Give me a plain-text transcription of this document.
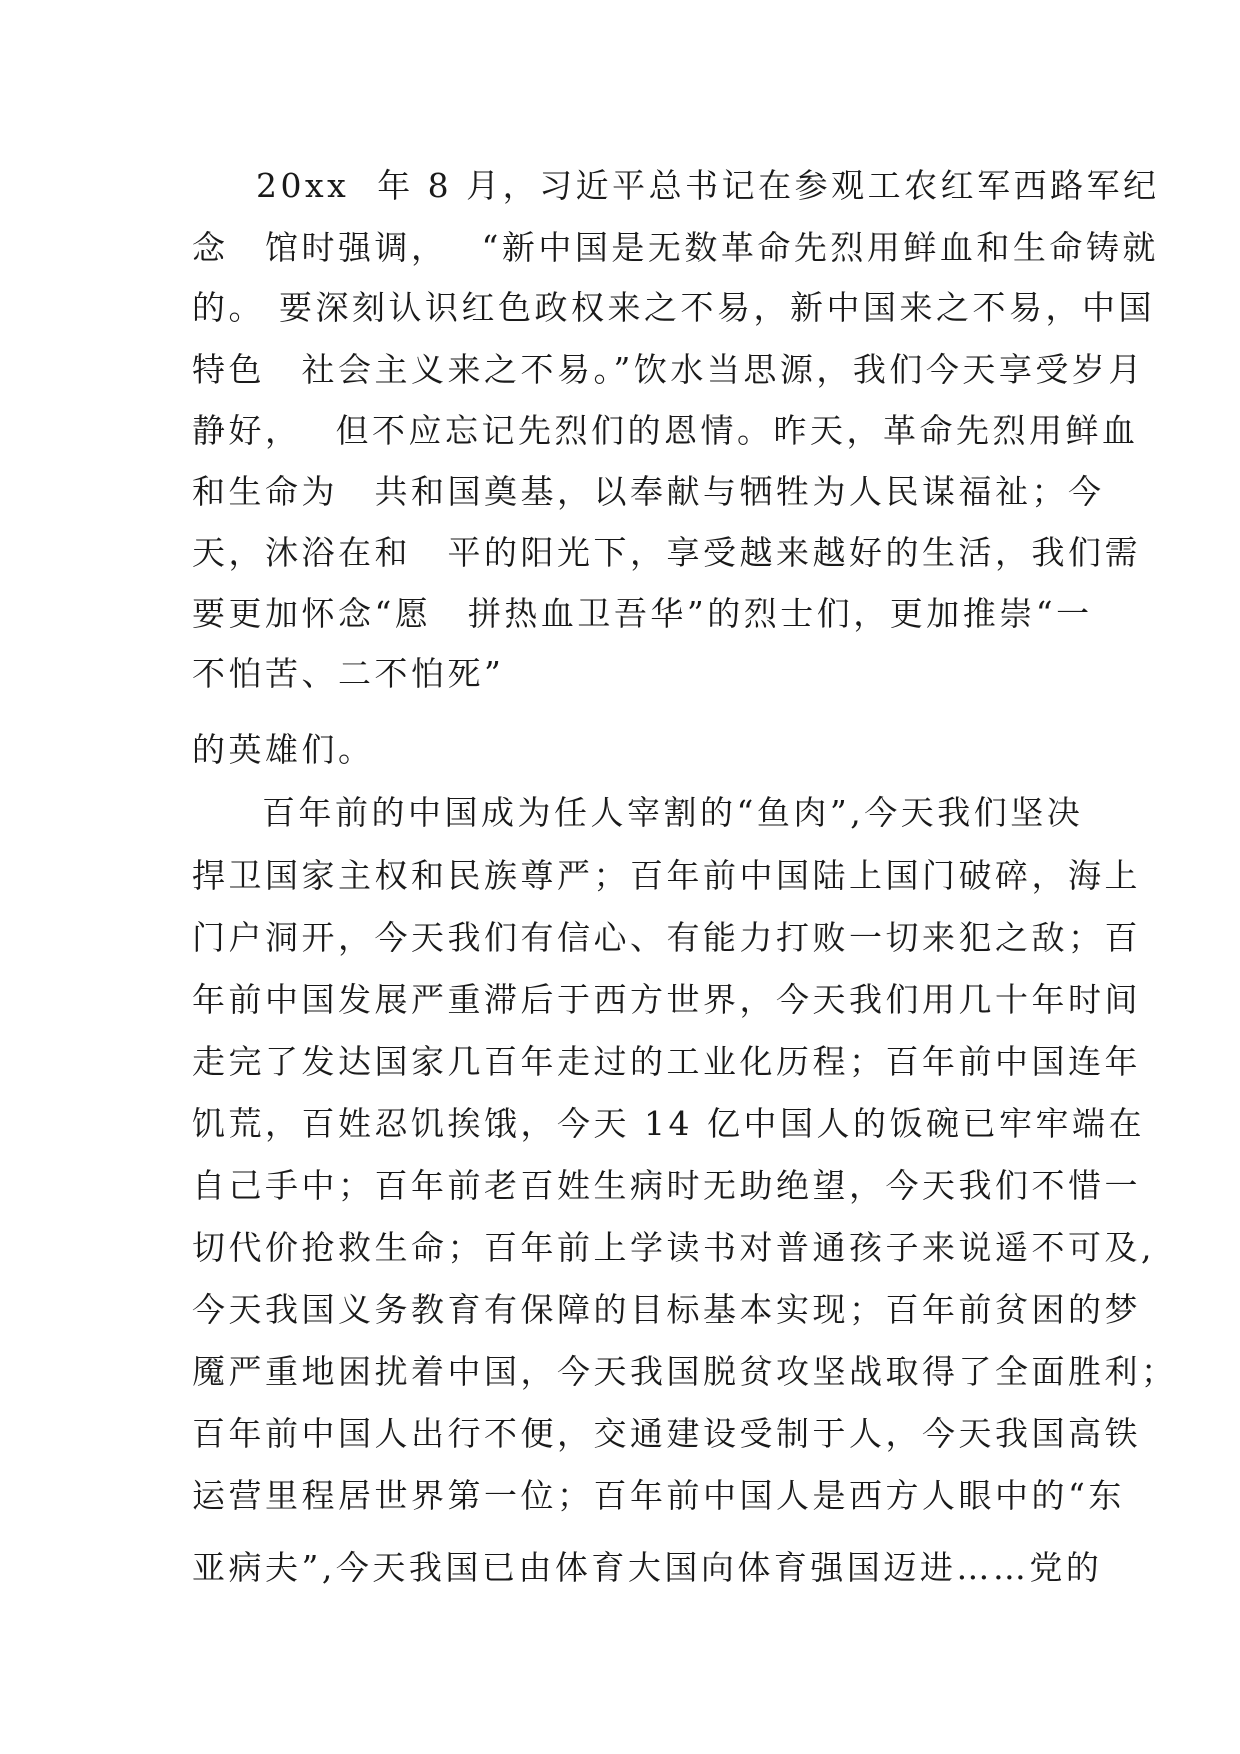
20xx  年 8 月，习近平总书记在参观工农红军西路军纪
念　馆时强调，　 “新中国是无数革命先烈用鲜血和生命铸就
的。 要深刻认识红色政权来之不易，新中国来之不易，中国
特色　社会主义来之不易。”饮水当思源，我们今天享受岁月
静好，　 但不应忘记先烈们的恩情。昨天，革命先烈用鲜血
和生命为　共和国奠基，以奉献与牺牲为人民谋福祉；今
天，沐浴在和　平的阳光下，享受越来越好的生活，我们需
要更加怀念“愿　拼热血卫吾华”的烈士们，更加推崇“一
不怕苦、二不怕死”
的英雄们。
百年前的中国成为任人宰割的“鱼肉”,今天我们坚决
捍卫国家主权和民族尊严；百年前中国陆上国门破碎，海上
门户洞开，今天我们有信心、有能力打败一切来犯之敌；百
年前中国发展严重滞后于西方世界，今天我们用几十年时间
走完了发达国家几百年走过的工业化历程；百年前中国连年
饥荒，百姓忍饥挨饿，今天 14 亿中国人的饭碗已牢牢端在
自己手中；百年前老百姓生病时无助绝望，今天我们不惜一
切代价抢救生命；百年前上学读书对普通孩子来说遥不可及,
今天我国义务教育有保障的目标基本实现；百年前贫困的梦
魇严重地困扰着中国，今天我国脱贫攻坚战取得了全面胜利；
百年前中国人出行不便，交通建设受制于人，今天我国高铁
运营里程居世界第一位；百年前中国人是西方人眼中的“东
亚病夫”,今天我国已由体育大国向体育强国迈进……党的
